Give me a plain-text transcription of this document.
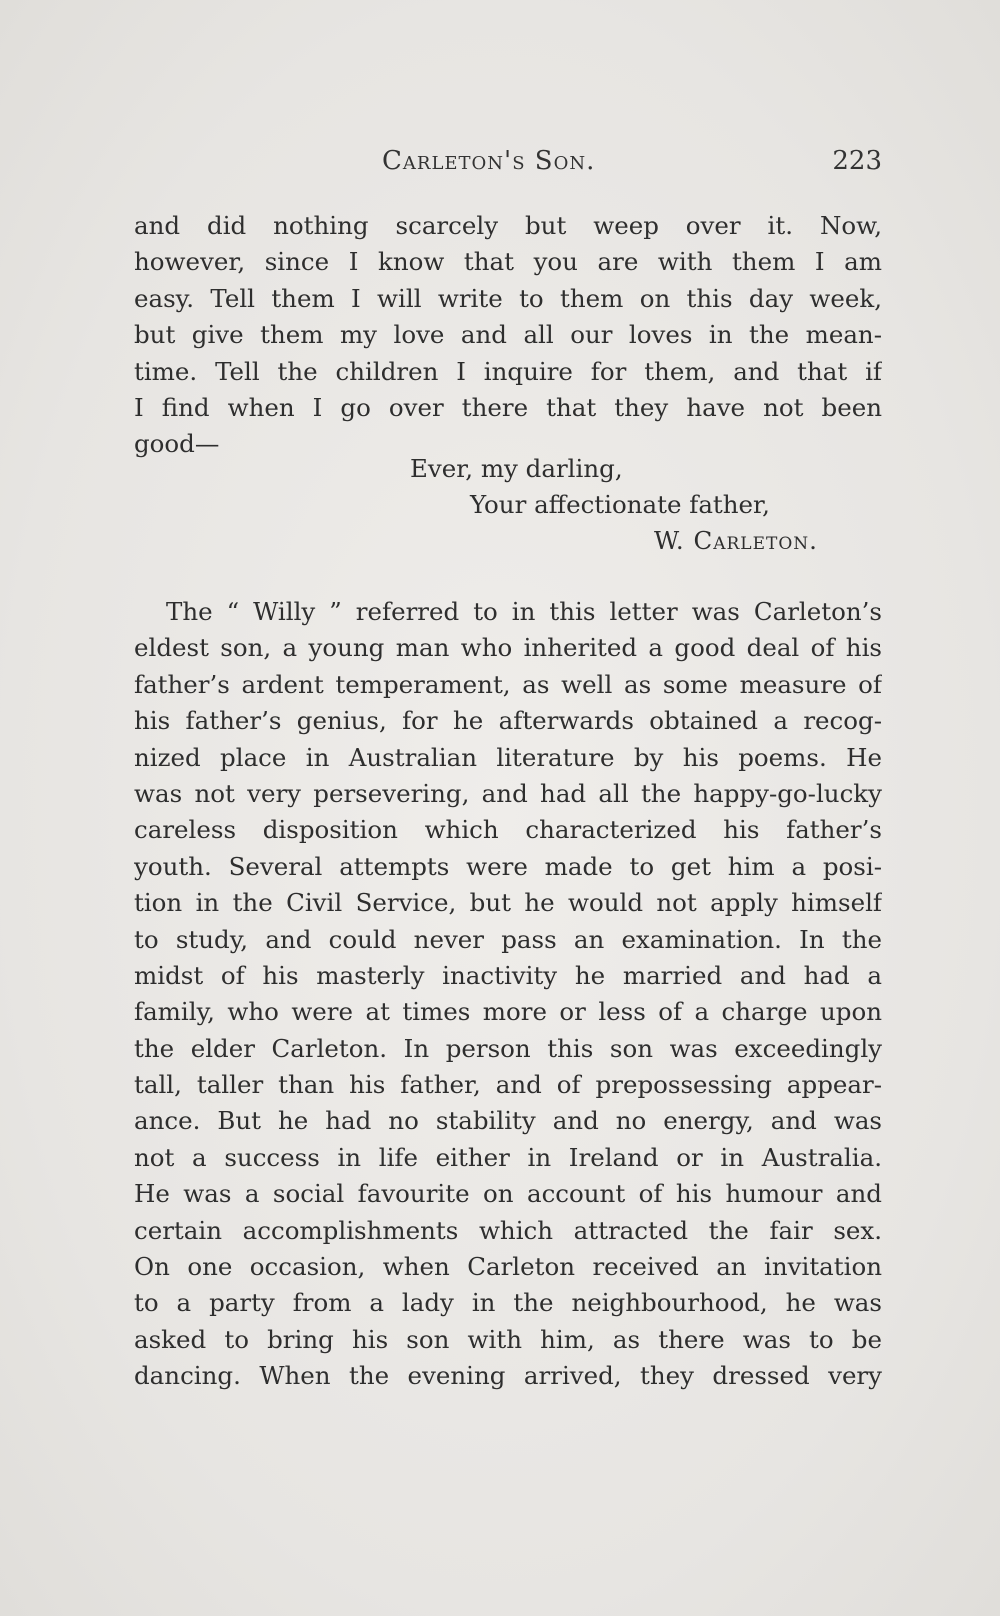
Carleton's Son.	223
and did nothing scarcely but weep over it. Now,
however, since I know that you are with them I am
easy. Tell them I will write to them on this day week,
but give them my love and all our loves in the mean-
time. Tell the children I inquire for them, and that if
I find when I go over there that they have not been
good—
Ever, my darling,
Your affectionate father,
W. Carleton.
The “ Willy ” referred to in this letter was Carleton’s
eldest son, a young man who inherited a good deal of his
father’s ardent temperament, as well as some measure of
his father’s genius, for he afterwards obtained a recog-
nized place in Australian literature by his poems. He
was not very persevering, and had all the happy-go-lucky
careless disposition which characterized his father’s
youth. Several attempts were made to get him a posi-
tion in the Civil Service, but he would not apply himself
to study, and could never pass an examination. In the
midst of his masterly inactivity he married and had a
family, who were at times more or less of a charge upon
the elder Carleton. In person this son was exceedingly
tall, taller than his father, and of prepossessing appear-
ance. But he had no stability and no energy, and was
not a success in life either in Ireland or in Australia.
He was a social favourite on account of his humour and
certain accomplishments which attracted the fair sex.
On one occasion, when Carleton received an invitation
to a party from a lady in the neighbourhood, he was
asked to bring his son with him, as there was to be
dancing. When the evening arrived, they dressed very
